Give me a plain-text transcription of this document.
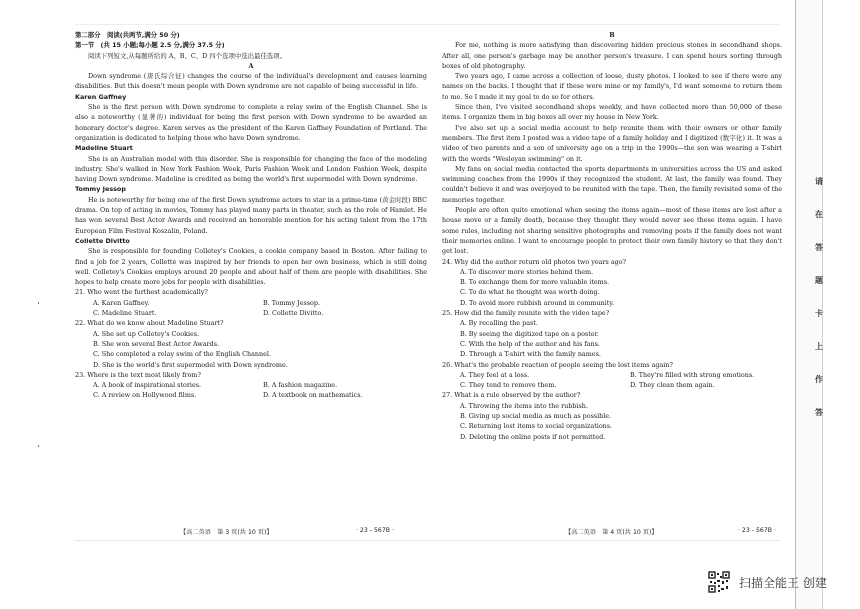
第二部分　阅读(共两节,满分 50 分)

第一节　(共 15 小题;每小题 2.5 分,满分 37.5 分)

阅读下列短文,从每题所给的 A、B、C、D 四个选项中选出最佳选项。

A

Down syndrome (唐氏综合征) changes the course of the individual's development and causes learning disabilities. But this doesn't mean people with Down syndrome are not capable of being successful in life.

Karen Gaffney

She is the first person with Down syndrome to complete a relay swim of the English Channel. She is also a noteworthy (显著的) individual for being the first person with Down syndrome to be awarded an honorary doctor's degree. Karen serves as the president of the Karen Gaffney Foundation of Portland. The organization is dedicated to helping those who have Down syndrome.

Madeline Stuart

She is an Australian model with this disorder. She is responsible for changing the face of the modeling industry. She's walked in New York Fashion Week, Paris Fashion Week and London Fashion Week, despite having Down syndrome. Madeline is credited as being the world's first supermodel with Down syndrome.

Tommy Jessop

He is noteworthy for being one of the first Down syndrome actors to star in a prime-time (黄金时段) BBC drama. On top of acting in movies, Tommy has played many parts in theater, such as the role of Hamlet. He has won several Best Actor Awards and received an honorable mention for his acting talent from the 17th European Film Festival Koszalin, Poland.

Collette Divitto

She is responsible for founding Colletey's Cookies, a cookie company based in Boston. After failing to find a job for 2 years, Collette was inspired by her friends to open her own business, which is still doing well. Colletey's Cookies employs around 20 people and about half of them are people with disabilities. She hopes to help create more jobs for people with disabilities.

21. Who went the furthest academically?

A. Karen Gaffney.	B. Tommy Jessop.
C. Madeline Stuart.	D. Collette Divitto.

22. What do we know about Madeline Stuart?

A. She set up Colletey's Cookies.
B. She won several Best Actor Awards.
C. She completed a relay swim of the English Channel.
D. She is the world's first supermodel with Down syndrome.

23. Where is the text most likely from?

A. A book of inspirational stories.	B. A fashion magazine.
C. A review on Hollywood films.	D. A textbook on mathematics.

B

For me, nothing is more satisfying than discovering hidden precious stones in secondhand shops. After all, one person's garbage may be another person's treasure. I can spend hours sorting through boxes of old photography.

Two years ago, I came across a collection of loose, dusty photos. I looked to see if there were any names on the backs. I thought that if these were mine or my family's, I'd want someone to return them to me. So I made it my goal to do so for others.

Since then, I've visited secondhand shops weekly, and have collected more than 50,000 of these items. I organize them in big boxes all over my house in New York.

I've also set up a social media account to help reunite them with their owners or other family members. The first item I posted was a video tape of a family holiday and I digitized (数字化) it. It was a video of two parents and a son of university age on a trip in the 1990s—the son was wearing a T-shirt with the words "Wesleyan swimming" on it.

My fans on social media contacted the sports departments in universities across the US and asked swimming coaches from the 1990s if they recognized the student. At last, the family was found. They couldn't believe it and was overjoyed to be reunited with the tape. Then, the family revisited some of the memories together.

People are often quite emotional when seeing the items again—most of these items are lost after a house move or a family death, because they thought they would never see these items again. I have some rules, including not sharing sensitive photographs and removing posts if the family does not want their memories online. I want to encourage people to protect their own family history so that they don't get lost.

24. Why did the author return old photos two years ago?

A. To discover more stories behind them.
B. To exchange them for more valuable items.
C. To do what he thought was worth doing.
D. To avoid more rubbish around in community.

25. How did the family reunite with the video tape?

A. By recalling the past.
B. By seeing the digitized tape on a poster.
C. With the help of the author and his fans.
D. Through a T-shirt with the family names.

26. What's the probable reaction of people seeing the lost items again?

A. They feel at a loss.	B. They're filled with strong emotions.
C. They tend to remove them.	D. They clean them again.

27. What is a rule observed by the author?

A. Throwing the items into the rubbish.
B. Giving up social media as much as possible.
C. Returning lost items to social organizations.
D. Deleting the online posts if not permitted.
【高二英语　第 3 页(共 10 页)】	· 23 - 567B ·	【高二英语　第 4 页(共 10 页)】	· 23 - 567B ·
请
在
答
题
卡
上
作
答
扫描全能王 创建
